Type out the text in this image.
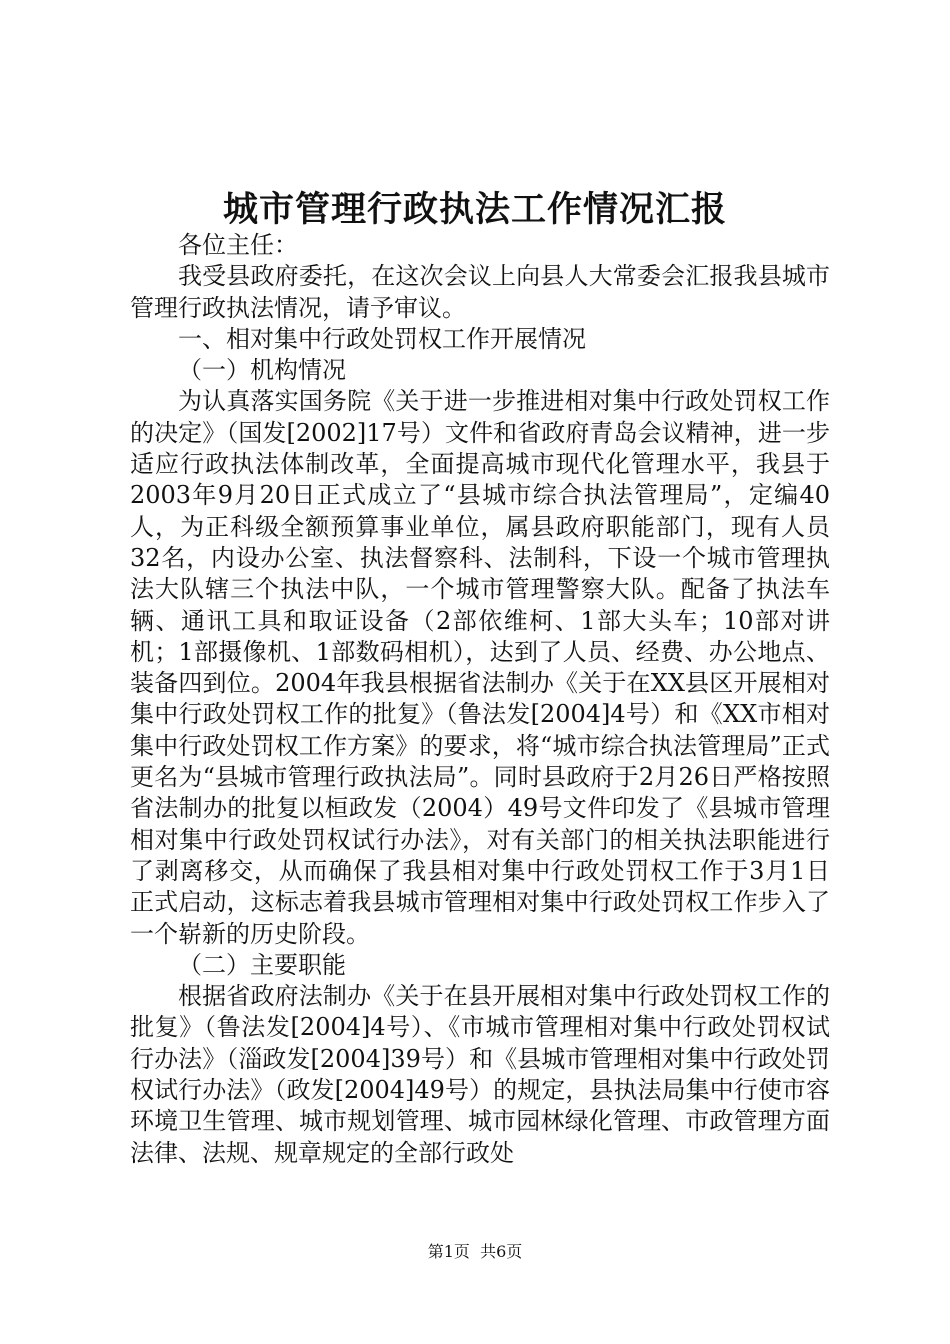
城市管理行政执法工作情况汇报

各位主任：

我受县政府委托，在这次会议上向县人大常委会汇报我县城市管理行政执法情况，请予审议。

一、相对集中行政处罚权工作开展情况

（一）机构情况

为认真落实国务院《关于进一步推进相对集中行政处罚权工作的决定》（国发[2002]17号）文件和省政府青岛会议精神，进一步适应行政执法体制改革，全面提高城市现代化管理水平，我县于2003年9月20日正式成立了“县城市综合执法管理局”，定编40人，为正科级全额预算事业单位，属县政府职能部门，现有人员32名，内设办公室、执法督察科、法制科，下设一个城市管理执法大队辖三个执法中队，一个城市管理警察大队。配备了执法车辆、通讯工具和取证设备（2部依维柯、1部大头车；10部对讲机；1部摄像机、1部数码相机），达到了人员、经费、办公地点、装备四到位。2004年我县根据省法制办《关于在XX县区开展相对集中行政处罚权工作的批复》（鲁法发[2004]4号）和《XX市相对集中行政处罚权工作方案》的要求，将“城市综合执法管理局”正式更名为“县城市管理行政执法局”。同时县政府于2月26日严格按照省法制办的批复以桓政发（2004）49号文件印发了《县城市管理相对集中行政处罚权试行办法》，对有关部门的相关执法职能进行了剥离移交，从而确保了我县相对集中行政处罚权工作于3月1日正式启动，这标志着我县城市管理相对集中行政处罚权工作步入了一个崭新的历史阶段。

（二）主要职能

根据省政府法制办《关于在县开展相对集中行政处罚权工作的批复》（鲁法发[2004]4号）、《市城市管理相对集中行政处罚权试行办法》（淄政发[2004]39号）和《县城市管理相对集中行政处罚权试行办法》（政发[2004]49号）的规定，县执法局集中行使市容环境卫生管理、城市规划管理、城市园林绿化管理、市政管理方面法律、法规、规章规定的全部行政处

第1页  共6页
